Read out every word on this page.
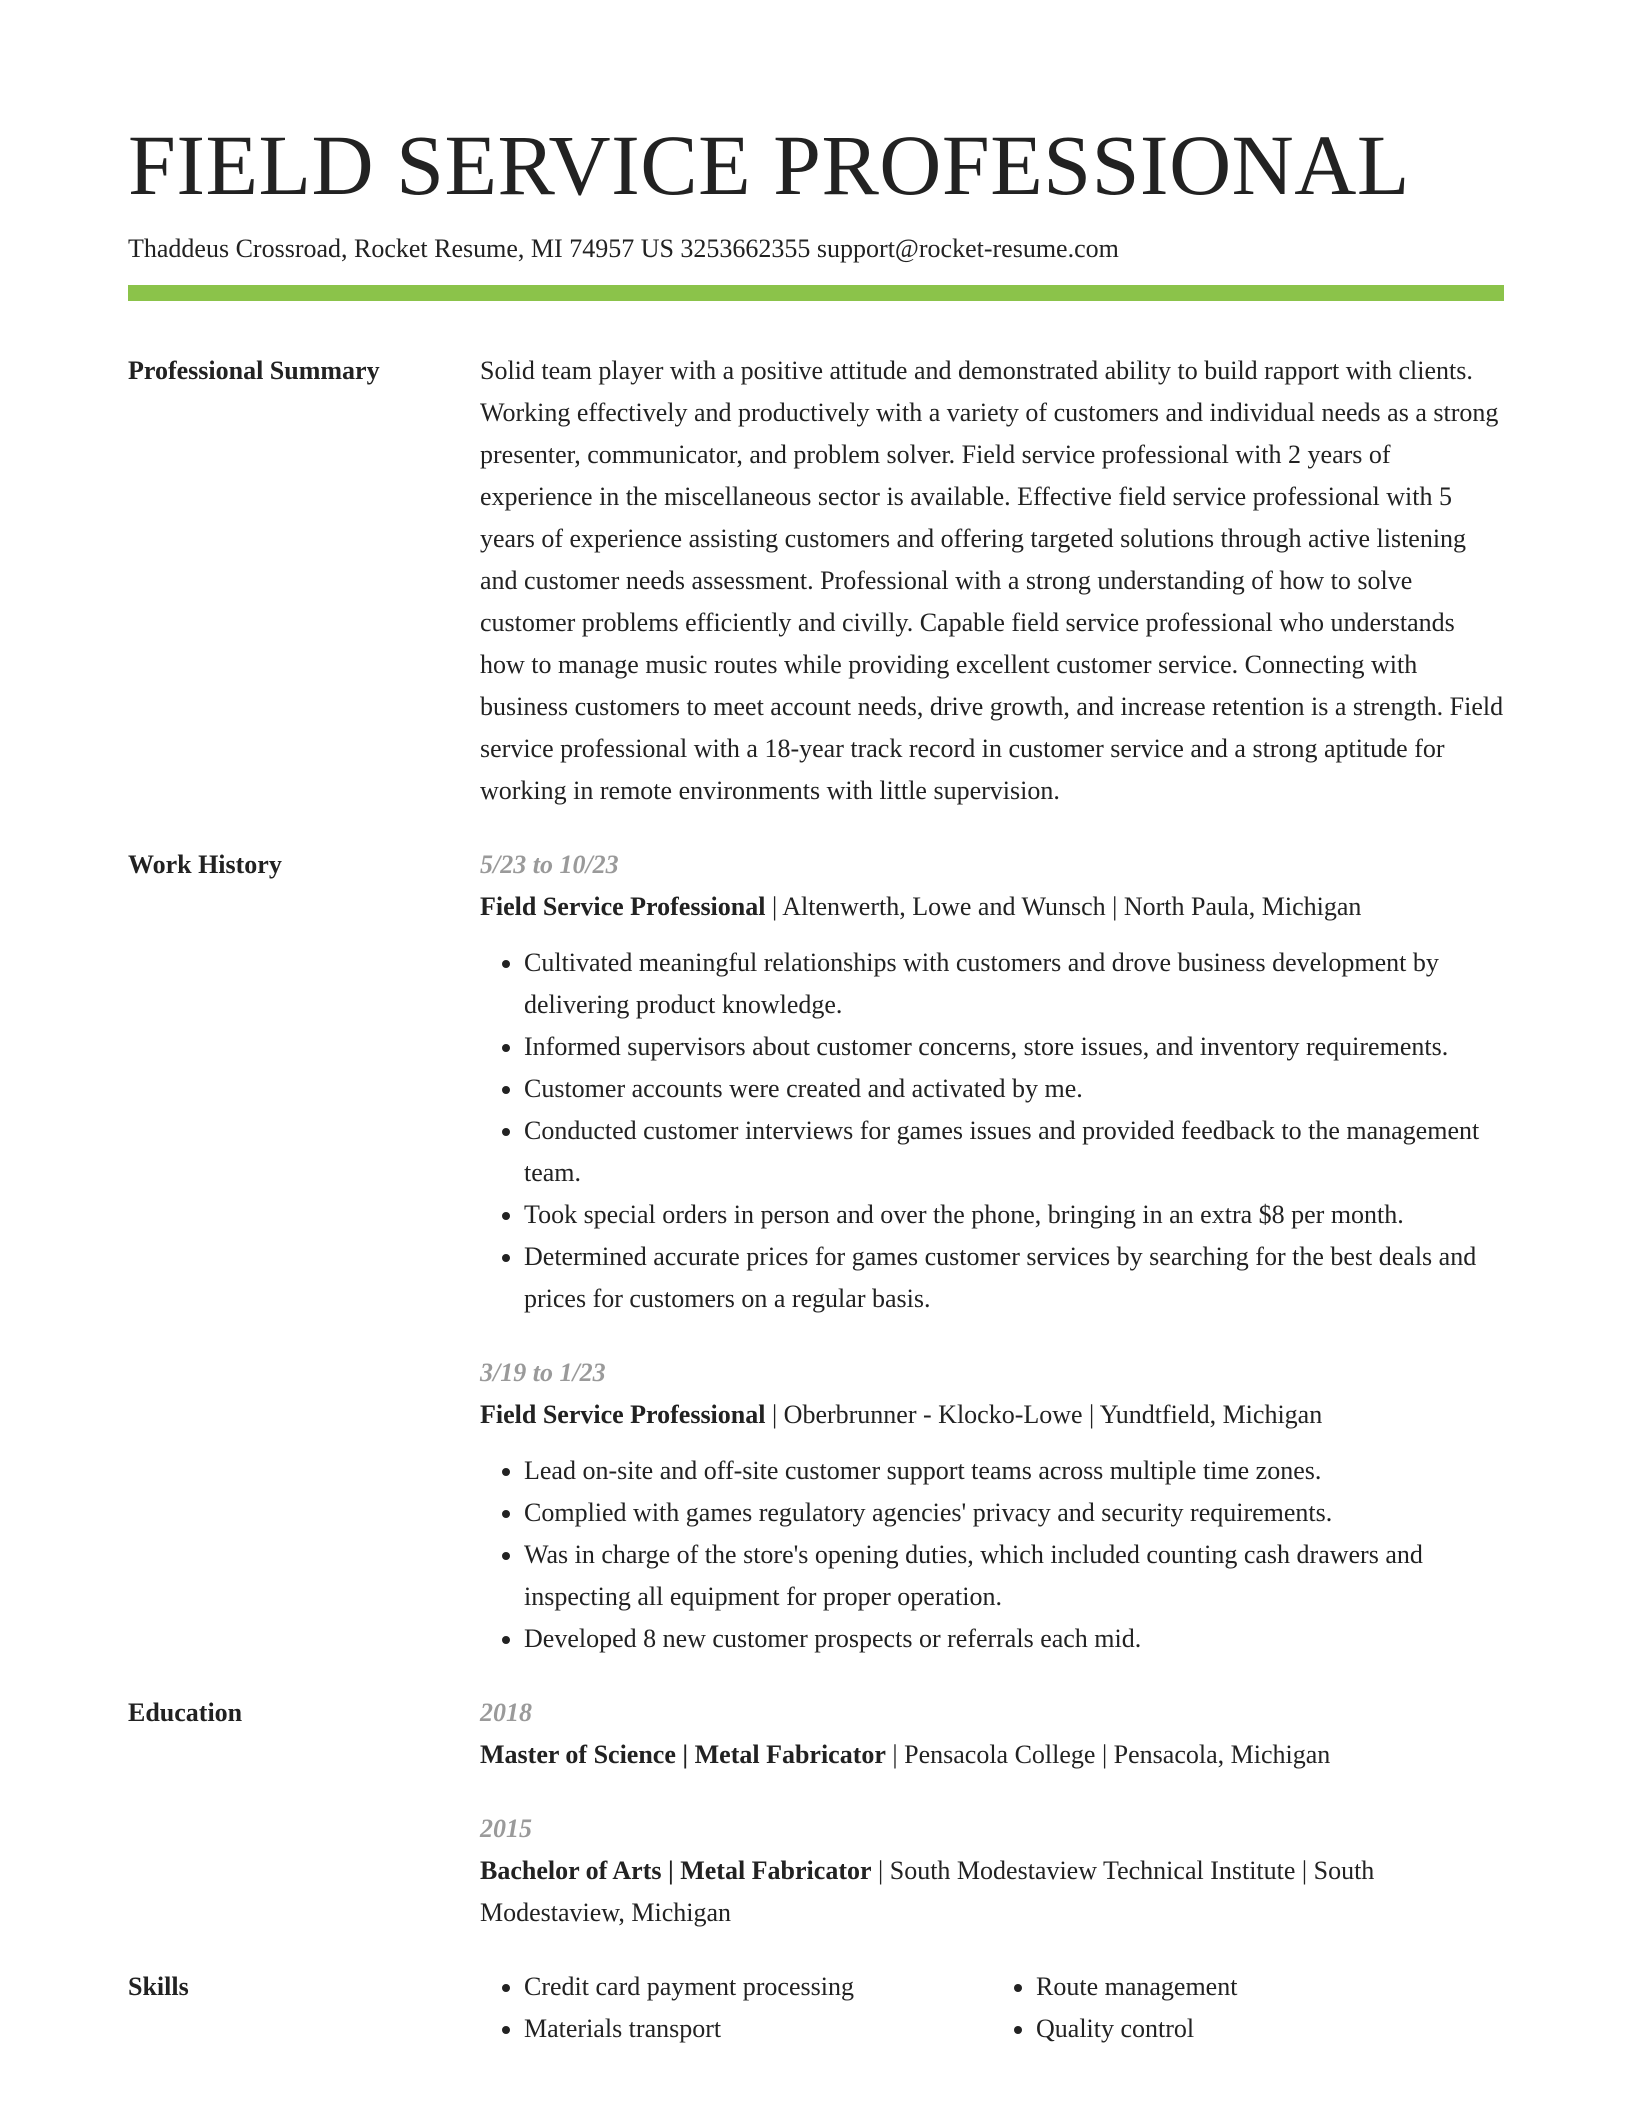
FIELD SERVICE PROFESSIONAL
Thaddeus Crossroad, Rocket Resume, MI 74957 US 3253662355 support@rocket-resume.com
Professional Summary	Solid team player with a positive attitude and demonstrated ability to build rapport with clients. Working effectively and productively with a variety of customers and individual needs as a strong presenter, communicator, and problem solver. Field service professional with 2 years of experience in the miscellaneous sector is available. Effective field service professional with 5 years of experience assisting customers and offering targeted solutions through active listening and customer needs assessment. Professional with a strong understanding of how to solve customer problems efficiently and civilly. Capable field service professional who understands how to manage music routes while providing excellent customer service. Connecting with business customers to meet account needs, drive growth, and increase retention is a strength. Field service professional with a 18-year track record in customer service and a strong aptitude for working in remote environments with little supervision.

Work History	5/23 to 10/23
Field Service Professional | Altenwerth, Lowe and Wunsch | North Paula, Michigan
• Cultivated meaningful relationships with customers and drove business development by delivering product knowledge.
• Informed supervisors about customer concerns, store issues, and inventory requirements.
• Customer accounts were created and activated by me.
• Conducted customer interviews for games issues and provided feedback to the management team.
• Took special orders in person and over the phone, bringing in an extra $8 per month.
• Determined accurate prices for games customer services by searching for the best deals and prices for customers on a regular basis.
3/19 to 1/23
Field Service Professional | Oberbrunner - Klocko-Lowe | Yundtfield, Michigan
• Lead on-site and off-site customer support teams across multiple time zones.
• Complied with games regulatory agencies' privacy and security requirements.
• Was in charge of the store's opening duties, which included counting cash drawers and inspecting all equipment for proper operation.
• Developed 8 new customer prospects or referrals each mid.
Education	2018
Master of Science | Metal Fabricator | Pensacola College | Pensacola, Michigan
2015
Bachelor of Arts | Metal Fabricator | South Modestaview Technical Institute | South Modestaview, Michigan
Skills
•	Credit card payment processing
• Materials transport
• Route management
• Quality control
